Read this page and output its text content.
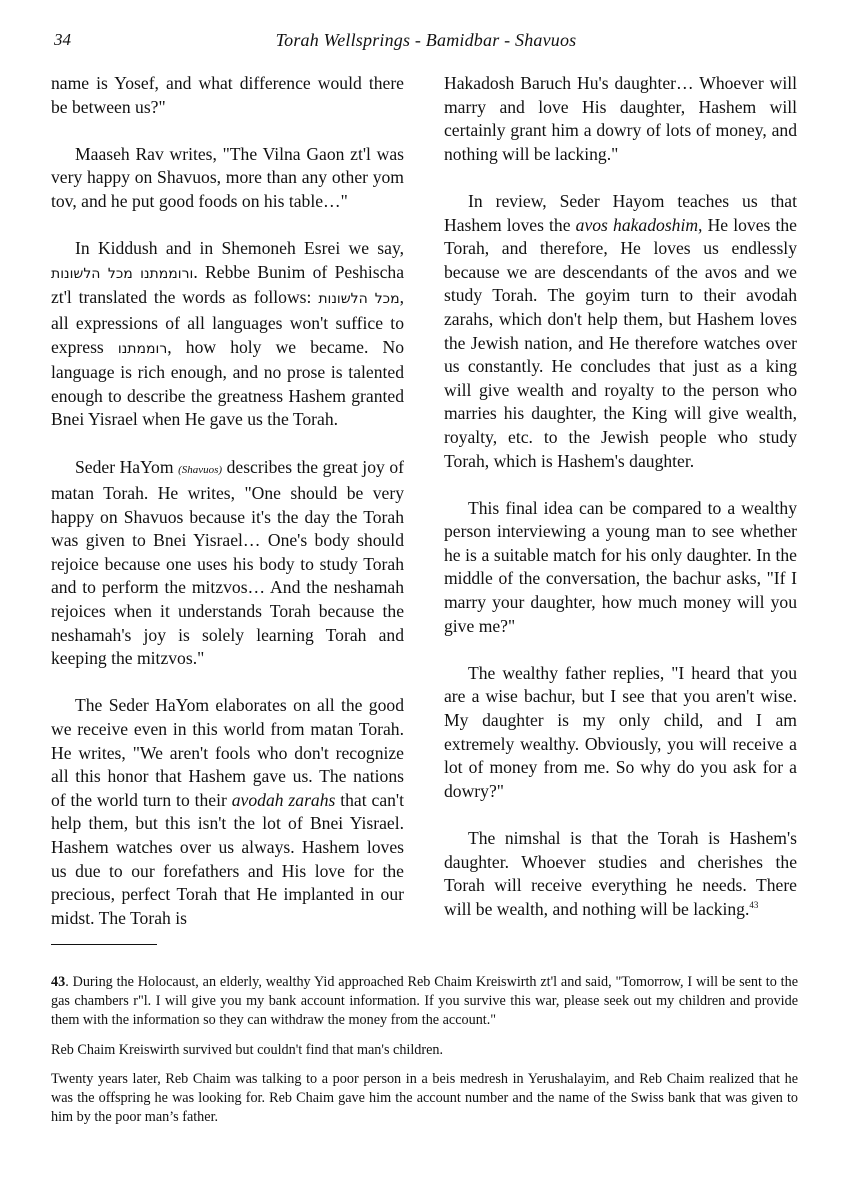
34	Torah Wellsprings - Bamidbar - Shavuos

name is Yosef, and what difference would there be between us?"

Maaseh Rav writes, "The Vilna Gaon zt'l was very happy on Shavuos, more than any other yom tov, and he put good foods on his table…"

In Kiddush and in Shemoneh Esrei we say, ורוממתנו מכל הלשונות. Rebbe Bunim of Peshischa zt'l translated the words as follows: מכל הלשונות, all expressions of all languages won't suffice to express רוממתנו, how holy we became. No language is rich enough, and no prose is talented enough to describe the greatness Hashem granted Bnei Yisrael when He gave us the Torah.

Seder HaYom (Shavuos) describes the great joy of matan Torah. He writes, "One should be very happy on Shavuos because it's the day the Torah was given to Bnei Yisrael… One's body should rejoice because one uses his body to study Torah and to perform the mitzvos… And the neshamah rejoices when it understands Torah because the neshamah's joy is solely learning Torah and keeping the mitzvos."

The Seder HaYom elaborates on all the good we receive even in this world from matan Torah. He writes, "We aren't fools who don't recognize all this honor that Hashem gave us. The nations of the world turn to their avodah zarahs that can't help them, but this isn't the lot of Bnei Yisrael. Hashem watches over us always. Hashem loves us due to our forefathers and His love for the precious, perfect Torah that He implanted in our midst. The Torah is

Hakadosh Baruch Hu's daughter… Whoever will marry and love His daughter, Hashem will certainly grant him a dowry of lots of money, and nothing will be lacking."

In review, Seder Hayom teaches us that Hashem loves the avos hakadoshim, He loves the Torah, and therefore, He loves us endlessly because we are descendants of the avos and we study Torah. The goyim turn to their avodah zarahs, which don't help them, but Hashem loves the Jewish nation, and He therefore watches over us constantly. He concludes that just as a king will give wealth and royalty to the person who marries his daughter, the King will give wealth, royalty, etc. to the Jewish people who study Torah, which is Hashem's daughter.

This final idea can be compared to a wealthy person interviewing a young man to see whether he is a suitable match for his only daughter. In the middle of the conversation, the bachur asks, "If I marry your daughter, how much money will you give me?"

The wealthy father replies, "I heard that you are a wise bachur, but I see that you aren't wise. My daughter is my only child, and I am extremely wealthy. Obviously, you will receive a lot of money from me. So why do you ask for a dowry?"

The nimshal is that the Torah is Hashem's daughter. Whoever studies and cherishes the Torah will receive everything he needs. There will be wealth, and nothing will be lacking.$^{43}$

43. During the Holocaust, an elderly, wealthy Yid approached Reb Chaim Kreiswirth zt'l and said, "Tomorrow, I will be sent to the gas chambers r"l. I will give you my bank account information. If you survive this war, please seek out my children and provide them with the information so they can withdraw the money from the account."

Reb Chaim Kreiswirth survived but couldn't find that man's children.

Twenty years later, Reb Chaim was talking to a poor person in a beis medresh in Yerushalayim, and Reb Chaim realized that he was the offspring he was looking for. Reb Chaim gave him the account number and the name of the Swiss bank that was given to him by the poor man’s father.
